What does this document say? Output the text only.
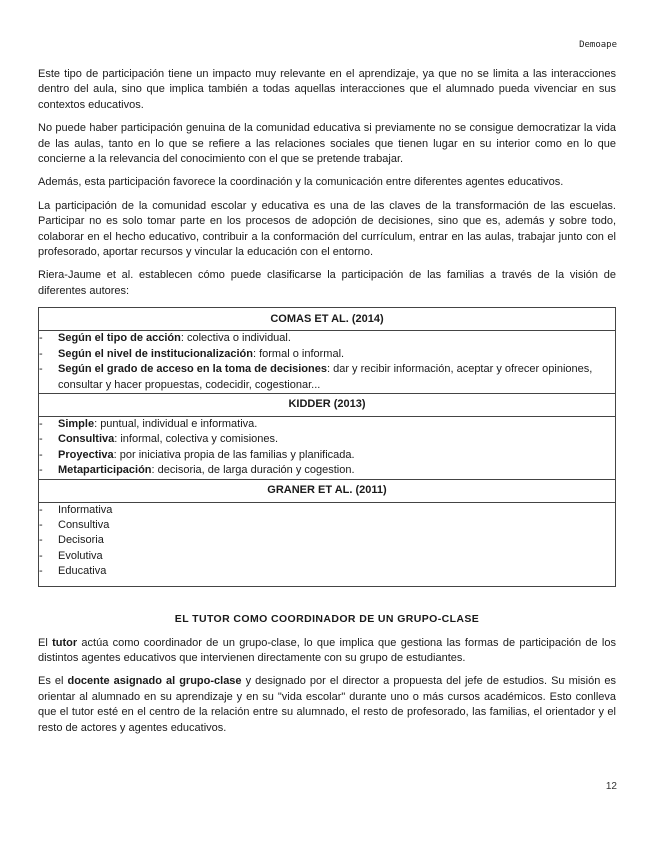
Demoape

Este tipo de participación tiene un impacto muy relevante en el aprendizaje, ya que no se limita a las interacciones dentro del aula, sino que implica también a todas aquellas interacciones que el alumnado pueda vivenciar en sus contextos educativos.

No puede haber participación genuina de la comunidad educativa si previamente no se consigue democratizar la vida de las aulas, tanto en lo que se refiere a las relaciones sociales que tienen lugar en su interior como en lo que concierne a la relevancia del conocimiento con el que se pretende trabajar.

Además, esta participación favorece la coordinación y la comunicación entre diferentes agentes educativos.

La participación de la comunidad escolar y educativa es una de las claves de la transformación de las escuelas. Participar no es solo tomar parte en los procesos de adopción de decisiones, sino que es, además y sobre todo, colaborar en el hecho educativo, contribuir a la conformación del currículum, entrar en las aulas, trabajar junto con el profesorado, aportar recursos y vincular la educación con el entorno.

Riera-Jaume et al. establecen cómo puede clasificarse la participación de las familias a través de la visión de diferentes autores:

COMAS ET AL. (2014)

- Según el tipo de acción: colectiva o individual.
- Según el nivel de institucionalización: formal o informal.
- Según el grado de acceso en la toma de decisiones: dar y recibir información, aceptar y ofrecer opiniones, consultar y hacer propuestas, codecidir, cogestionar...

KIDDER (2013)

- Simple: puntual, individual e informativa.
- Consultiva: informal, colectiva y comisiones.
- Proyectiva: por iniciativa propia de las familias y planificada.
- Metaparticipación: decisoria, de larga duración y cogestion.

GRANER ET AL. (2011)

- Informativa
- Consultiva
- Decisoria
- Evolutiva
- Educativa
EL TUTOR COMO COORDINADOR DE UN GRUPO-CLASE

El tutor actúa como coordinador de un grupo-clase, lo que implica que gestiona las formas de participación de los distintos agentes educativos que intervienen directamente con su grupo de estudiantes.

Es el docente asignado al grupo-clase y designado por el director a propuesta del jefe de estudios. Su misión es orientar al alumnado en su aprendizaje y en su "vida escolar" durante uno o más cursos académicos. Esto conlleva que el tutor esté en el centro de la relación entre su alumnado, el resto de profesorado, las familias, el orientador y el resto de actores y agentes educativos.

12
